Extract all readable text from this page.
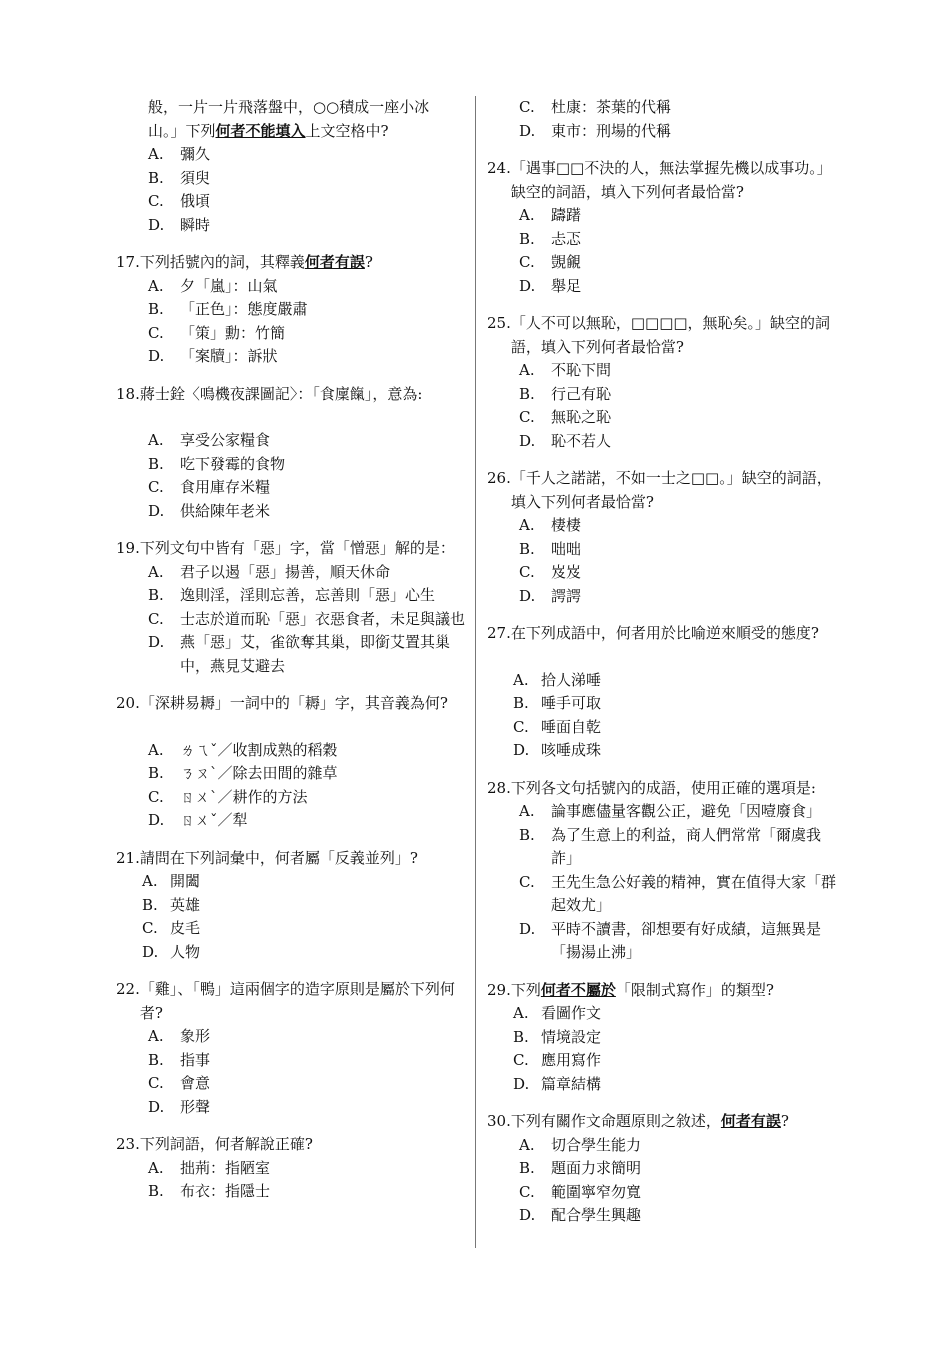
般，一片一片飛落盤中，○○積成一座小冰
山。」下列何者不能填入上文空格中?
A.	彌久
B.	須臾
C.	俄頃
D.	瞬時
17. 下列括號內的詞，其釋義何者有誤?
A.	夕「嵐」：山氣
B.	「正色」：態度嚴肅
C.	「策」勳：竹簡
D.	「案牘」：訴狀
18. 蔣士銓〈鳴機夜課圖記〉：「食廩餼」，意為:
A.	享受公家糧食
B.	吃下發霉的食物
C.	食用庫存米糧
D.	供給陳年老米
19. 下列文句中皆有「惡」字，當「憎惡」解的是：
A.	君子以遏「惡」揚善，順天休命
B.	逸則淫，淫則忘善，忘善則「惡」心生
C.	士志於道而恥「惡」衣惡食者，未足與議也
D.	燕「惡」艾，雀欲奪其巢，即銜艾置其巢中，燕見艾避去
20. 「深耕易耨」一詞中的「耨」字，其音義為何?
A.	ㄌㄟˇ／收割成熟的稻穀
B.	ㄋㄡˋ／除去田間的雜草
C.	ㄖㄨˋ／耕作的方法
D.	ㄖㄨˇ／犁
21. 請問在下列詞彙中，何者屬「反義並列」?
A. 開闔
B. 英雄
C. 皮毛
D. 人物
22. 「雞」、「鴨」這兩個字的造字原則是屬於下列何者?
A.	象形
B.	指事
C.	會意
D.	形聲
23. 下列詞語，何者解說正確?
A.	拙荊：指陋室
B.	布衣：指隱士
C.	杜康：茶葉的代稱
D.	東市：刑場的代稱
24. 「遇事□□不決的人，無法掌握先機以成事功。」缺空的詞語，填入下列何者最恰當?
A.	躊躇
B.	忐忑
C.	覬覦
D.	舉足
25. 「人不可以無恥，□□□□，無恥矣。」缺空的詞語，填入下列何者最恰當?
A.	不恥下問
B.	行己有恥
C.	無恥之恥
D.	恥不若人
26. 「千人之諾諾，不如一士之□□。」缺空的詞語，填入下列何者最恰當?
A.	棲棲
B.	咄咄
C.	岌岌
D.	諤諤
27. 在下列成語中，何者用於比喻逆來順受的態度?
A. 拾人涕唾
B. 唾手可取
C. 唾面自乾
D. 咳唾成珠
28. 下列各文句括號內的成語，使用正確的選項是:
A.	論事應儘量客觀公正，避免「因噎廢食」
B.	為了生意上的利益，商人們常常「爾虞我詐」
C.	王先生急公好義的精神，實在值得大家「群起效尤」
D.	平時不讀書，卻想要有好成績，這無異是「揚湯止沸」
29. 下列何者不屬於「限制式寫作」的類型?
A. 看圖作文
B. 情境設定
C. 應用寫作
D. 篇章結構
30. 下列有關作文命題原則之敘述，何者有誤?
A.	切合學生能力
B.	題面力求簡明
C.	範圍寧窄勿寬
D.	配合學生興趣
